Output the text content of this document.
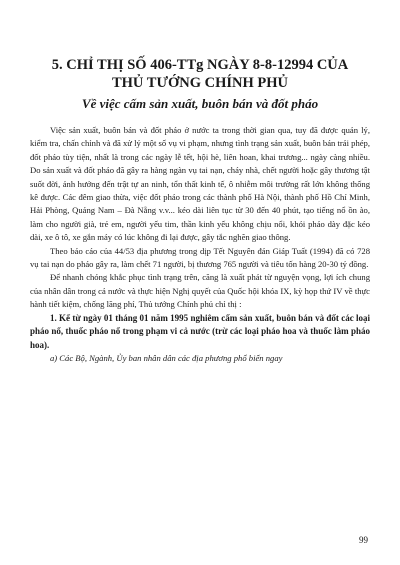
5. CHỈ THỊ SỐ 406-TTg NGÀY 8-8-12994 CỦA
THỦ TƯỚNG CHÍNH PHỦ
Về việc cấm sản xuất, buôn bán và đốt pháo

Việc sản xuất, buôn bán và đốt pháo ở nước ta trong thời gian qua, tuy đã được quản lý, kiểm tra, chấn chỉnh và đã xử lý một số vụ vi phạm, nhưng tình trạng sản xuất, buôn bán trái phép, đốt pháo tùy tiện, nhất là trong các ngày lễ tết, hội hè, liên hoan, khai trương... ngày càng nhiều. Do sản xuất và đốt pháo đã gây ra hàng ngàn vụ tai nạn, cháy nhà, chết người hoặc gây thương tật suốt đời, ảnh hưởng đến trật tự an ninh, tổn thất kinh tế, ô nhiễm môi trường rất lớn không thống kê được. Các đêm giao thừa, việc đốt pháo trong các thành phố Hà Nội, thành phố Hồ Chí Minh, Hải Phòng, Quảng Nam – Đà Nẵng v.v... kéo dài liên tục từ 30 đến 40 phút, tạo tiếng nổ ồn ào, làm cho người già, trẻ em, người yếu tim, thần kinh yếu không chịu nổi, khói pháo dày đặc kéo dài, xe ô tô, xe gắn máy có lúc không đi lại được, gây tắc nghẽn giao thông.

Theo báo cáo của 44/53 địa phương trong dịp Tết Nguyên đán Giáp Tuất (1994) đã có 728 vụ tai nạn do pháo gây ra, làm chết 71 người, bị thương 765 người và tiêu tốn hàng 20-30 tỷ đồng.

Để nhanh chóng khắc phục tình trạng trên, căng là xuất phát từ nguyện vọng, lợi ích chung của nhân dân trong cả nước và thực hiện Nghị quyết của Quốc hội khóa IX, kỳ họp thứ IV về thực hành tiết kiệm, chống lãng phí, Thủ tướng Chính phủ chỉ thị :

1. Kể từ ngày 01 tháng 01 năm 1995 nghiêm cấm sản xuất, buôn bán và đốt các loại pháo nổ, thuốc pháo nổ trong phạm vi cả nước (trừ các loại pháo hoa và thuốc làm pháo hoa).

a) Các Bộ, Ngành, Ủy ban nhân dân các địa phương phổ biến ngay

99
